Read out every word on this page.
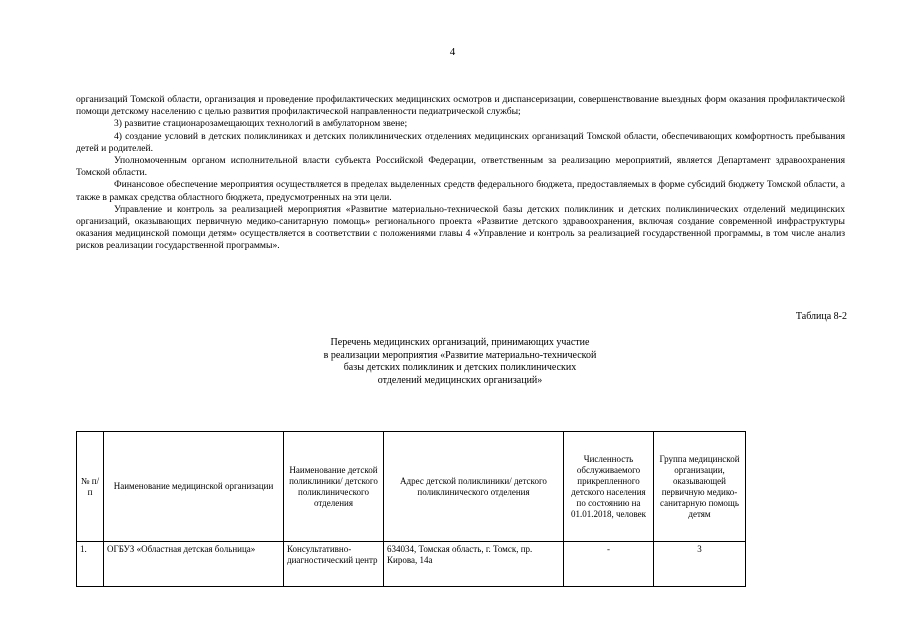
4

организаций Томской области, организация и проведение профилактических медицинских осмотров и диспансеризации, совершенствование выездных форм оказания профилактической помощи детскому населению с целью развития профилактической направленности педиатрической службы;

3) развитие стационарозамещающих технологий в амбулаторном звене;

4) создание условий в детских поликлиниках и детских поликлинических отделениях медицинских организаций Томской области, обеспечивающих комфортность пребывания детей и родителей.

Уполномоченным органом исполнительной власти субъекта Российской Федерации, ответственным за реализацию мероприятий, является Департамент здравоохранения Томской области.

Финансовое обеспечение мероприятия осуществляется в пределах выделенных средств федерального бюджета, предоставляемых в форме субсидий бюджету Томской области, а также в рамках средства областного бюджета, предусмотренных на эти цели.

Управление и контроль за реализацией мероприятия «Развитие материально-технической базы детских поликлиник и детских поликлинических отделений медицинских организаций, оказывающих первичную медико-санитарную помощь» регионального проекта «Развитие детского здравоохранения, включая создание современной инфраструктуры оказания медицинской помощи детям» осуществляется в соответствии с положениями главы 4 «Управление и контроль за реализацией государственной программы, в том числе анализ рисков реализации государственной программы».

Таблица 8-2
Перечень медицинских организаций, принимающих участие
в реализации мероприятия «Развитие материально-технической
базы детских поликлиник и детских поликлинических
отделений медицинских организаций»
№ п/п	Наименование медицинской организации	Наименование детской поликлиники/ детского поликлинического отделения	Адрес детской поликлиники/ детского поликлинического отделения	Численность обслуживаемого прикрепленного детского населения по состоянию на 01.01.2018, человек	Группа медицинской организации, оказывающей первичную медико-санитарную помощь детям
1.	ОГБУЗ «Областная детская больница»	Консультативно-диагностический центр	634034, Томская область, г. Томск, пр. Кирова, 14а	-	3
